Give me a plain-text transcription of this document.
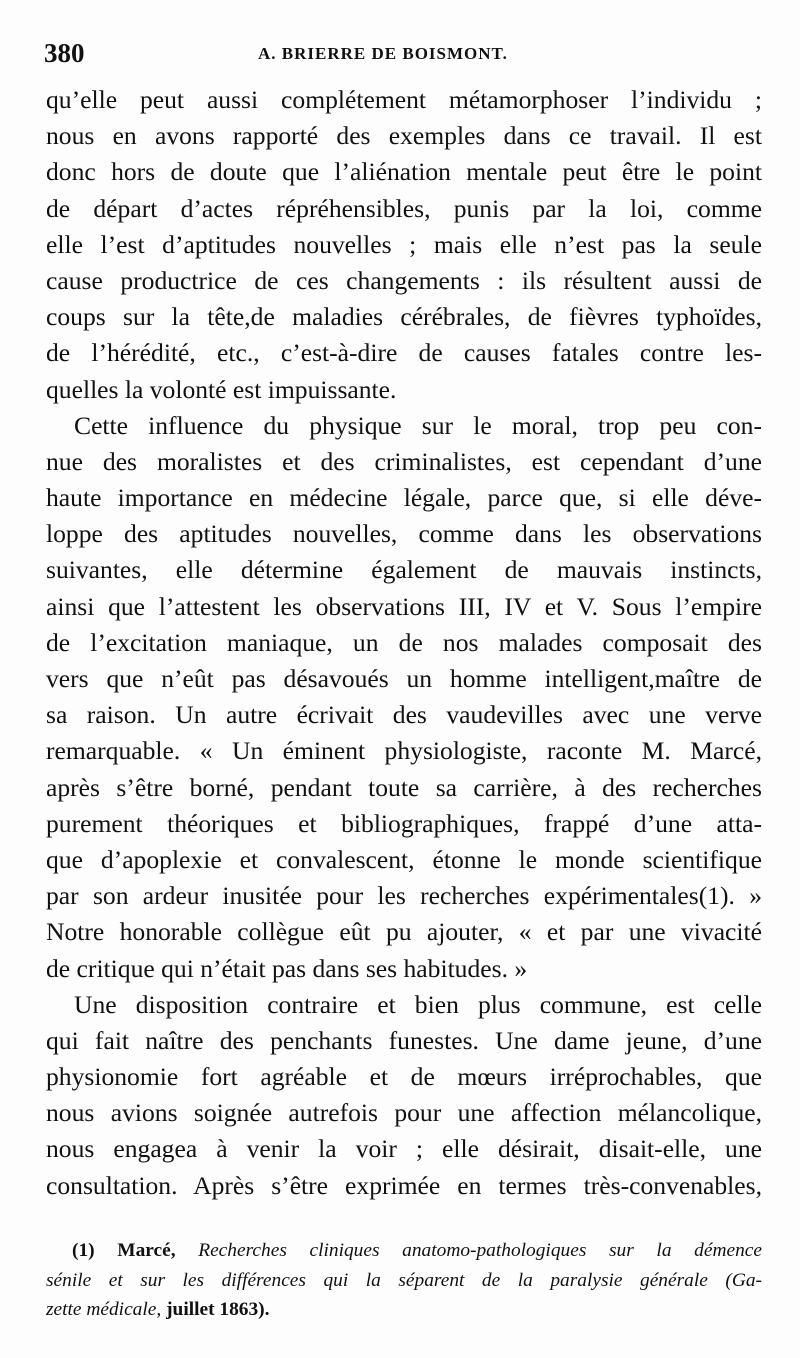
380	A. BRIERRE DE BOISMONT.
qu’elle peut aussi complétement métamorphoser l’individu ;
nous en avons rapporté des exemples dans ce travail. Il est
donc hors de doute que l’aliénation mentale peut être le point
de départ d’actes répréhensibles, punis par la loi, comme
elle l’est d’aptitudes nouvelles ; mais elle n’est pas la seule
cause productrice de ces changements : ils résultent aussi de
coups sur la tête,de maladies cérébrales, de fièvres typhoïdes,
de l’hérédité, etc., c’est-à-dire de causes fatales contre les-
quelles la volonté est impuissante.
Cette influence du physique sur le moral, trop peu con-
nue des moralistes et des criminalistes, est cependant d’une
haute importance en médecine légale, parce que, si elle déve-
loppe des aptitudes nouvelles, comme dans les observations
suivantes, elle détermine également de mauvais instincts,
ainsi que l’attestent les observations III, IV et V. Sous l’empire
de l’excitation maniaque, un de nos malades composait des
vers que n’eût pas désavoués un homme intelligent,maître de
sa raison. Un autre écrivait des vaudevilles avec une verve
remarquable. « Un éminent physiologiste, raconte M. Marcé,
après s’être borné, pendant toute sa carrière, à des recherches
purement théoriques et bibliographiques, frappé d’une atta-
que d’apoplexie et convalescent, étonne le monde scientifique
par son ardeur inusitée pour les recherches expérimentales(1). »
Notre honorable collègue eût pu ajouter, « et par une vivacité
de critique qui n’était pas dans ses habitudes. »
Une disposition contraire et bien plus commune, est celle
qui fait naître des penchants funestes. Une dame jeune, d’une
physionomie fort agréable et de mœurs irréprochables, que
nous avions soignée autrefois pour une affection mélancolique,
nous engagea à venir la voir ; elle désirait, disait-elle, une
consultation. Après s’être exprimée en termes très-convenables,
(1) Marcé, Recherches cliniques anatomo-pathologiques sur la démence
sénile et sur les différences qui la séparent de la paralysie générale (Ga-
zette médicale, juillet 1863).
